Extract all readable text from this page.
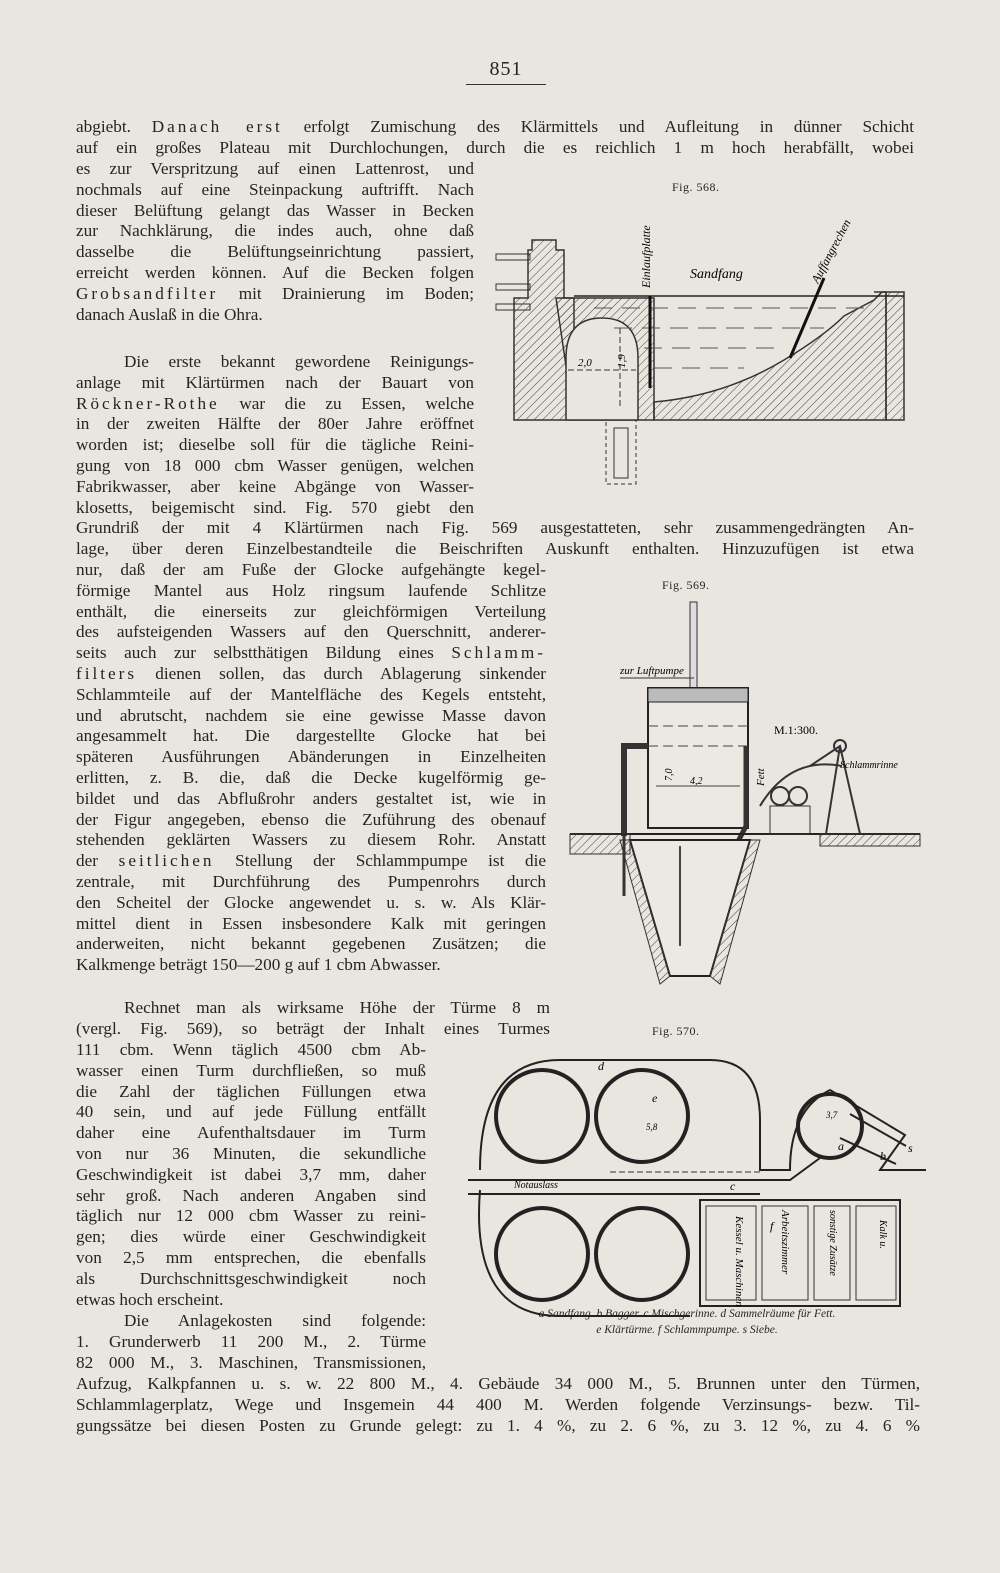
851
abgiebt. Danach erst erfolgt Zumischung des Klärmittels und Aufleitung in dünner Schicht
auf ein großes Plateau mit Durchlochungen, durch die es reichlich 1 m hoch herabfällt, wobei
es zur Verspritzung auf einen Lattenrost, und
nochmals auf eine Steinpackung auftrifft. Nach
dieser Belüftung gelangt das Wasser in Becken
zur Nachklärung, die indes auch, ohne daß
dasselbe die Belüftungseinrichtung passiert,
erreicht werden können. Auf die Becken folgen
Grobsandfilter mit Drainierung im Boden;
danach Auslaß in die Ohra.
Die erste bekannt gewordene Reinigungs-
anlage mit Klärtürmen nach der Bauart von
Röckner-Rothe war die zu Essen, welche
in der zweiten Hälfte der 80er Jahre eröffnet
worden ist; dieselbe soll für die tägliche Reini-
gung von 18 000 cbm Wasser genügen, welchen
Fabrikwasser, aber keine Abgänge von Wasser-
klosetts, beigemischt sind. Fig. 570 giebt den
Grundriß der mit 4 Klärtürmen nach Fig. 569 ausgestatteten, sehr zusammengedrängten An-
lage, über deren Einzelbestandteile die Beischriften Auskunft enthalten. Hinzuzufügen ist etwa
nur, daß der am Fuße der Glocke aufgehängte kegel-
förmige Mantel aus Holz ringsum laufende Schlitze
enthält, die einerseits zur gleichförmigen Verteilung
des aufsteigenden Wassers auf den Querschnitt, anderer-
seits auch zur selbstthätigen Bildung eines Schlamm-
filters dienen sollen, das durch Ablagerung sinkender
Schlammteile auf der Mantelfläche des Kegels entsteht,
und abrutscht, nachdem sie eine gewisse Masse davon
angesammelt hat. Die dargestellte Glocke hat bei
späteren Ausführungen Abänderungen in Einzelheiten
erlitten, z. B. die, daß die Decke kugelförmig ge-
bildet und das Abflußrohr anders gestaltet ist, wie in
der Figur angegeben, ebenso die Zuführung des obenauf
stehenden geklärten Wassers zu diesem Rohr. Anstatt
der seitlichen Stellung der Schlammpumpe ist die
zentrale, mit Durchführung des Pumpenrohrs durch
den Scheitel der Glocke angewendet u. s. w. Als Klär-
mittel dient in Essen insbesondere Kalk mit geringen
anderweiten, nicht bekannt gegebenen Zusätzen; die
Kalkmenge beträgt 150—200 g auf 1 cbm Abwasser.
Rechnet man als wirksame Höhe der Türme 8 m
(vergl. Fig. 569), so beträgt der Inhalt eines Turmes
111 cbm. Wenn täglich 4500 cbm Ab-
wasser einen Turm durchfließen, so muß
die Zahl der täglichen Füllungen etwa
40 sein, und auf jede Füllung entfällt
daher eine Aufenthaltsdauer im Turm
von nur 36 Minuten, die sekundliche
Geschwindigkeit ist dabei 3,7 mm, daher
sehr groß. Nach anderen Angaben sind
täglich nur 12 000 cbm Wasser zu reini-
gen; dies würde einer Geschwindigkeit
von 2,5 mm entsprechen, die ebenfalls
als Durchschnittsgeschwindigkeit noch
etwas hoch erscheint.
Die Anlagekosten sind folgende:
1. Grunderwerb 11 200 M., 2. Türme
82 000 M., 3. Maschinen, Transmissionen,
Aufzug, Kalkpfannen u. s. w. 22 800 M., 4. Gebäude 34 000 M., 5. Brunnen unter den Türmen,
Schlammlagerplatz, Wege und Insgemein 44 400 M. Werden folgende Verzinsungs- bezw. Til-
gungssätze bei diesen Posten zu Grunde gelegt: zu 1. 4 %, zu 2. 6 %, zu 3. 12 %, zu 4. 6 %
Fig. 568.
2,0 1,9
Einlaufplatte	Sandfang	Auffangrechen
Fig. 569.
zur Luftpumpe
4,2
7,0	Fett
M.1:300.
Schlammrinne
Fig. 570.
Kessel u. Maschinen	Arbeitszimmer	sonstige Zusätze	Kalk u.
Notauslass
3,7
5,8
a
b
c
d
e
f
s
a Sandfang. b Bagger. c Mischgerinne. d Sammelräume für Fett.
e Klärtürme. f Schlammpumpe. s Siebe.
